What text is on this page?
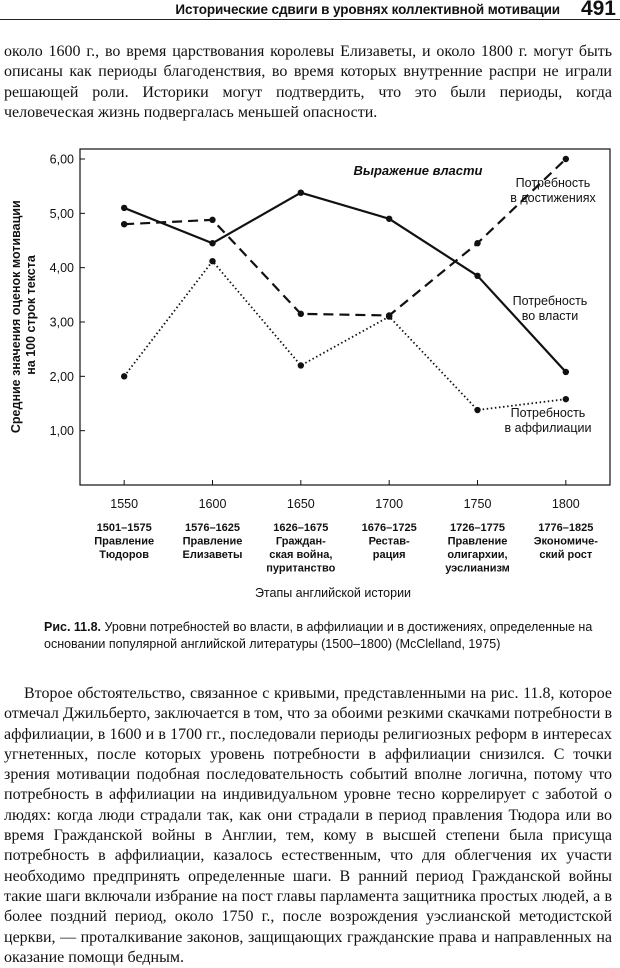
Исторические сдвиги в уровнях коллективной мотивации 491

около 1600 г., во время царствования королевы Елизаветы, и около 1800 г. могут быть описаны как периоды благоденствия, во время которых внутренние распри не играли решающей роли. Историки могут подтвердить, что это были периоды, когда человеческая жизнь подвергалась меньшей опасности.

1,00
2,00
3,00
4,00
5,00
6,00
1550
1501–1575 Правление Тюдоров
1600
1576–1625 Правление Елизаветы
1650
1626–1675 Граждан-ская война, пуританство
1700
1676–1725 Рестав-рация
1750
1726–1775 Правление олигархии, уэслианизм
1800
1776–1825 Экономиче-ский рост
Потребность во власти
Потребность в достижениях
Потребность в аффилиации
Средние значения оценок мотивации на 100 строк текста
Выражение власти
Этапы английской истории

Рис. 11.8. Уровни потребностей во власти, в аффилиации и в достижениях, определенные на основании популярной английской литературы (1500–1800) (McClelland, 1975)

Второе обстоятельство, связанное с кривыми, представленными на рис. 11.8, которое отмечал Джильберто, заключается в том, что за обоими резкими скачками потребности в аффилиации, в 1600 и в 1700 гг., последовали периоды религиозных реформ в интересах угнетенных, после которых уровень потребности в аффилиации снизился. С точки зрения мотивации подобная последовательность событий вполне логична, потому что потребность в аффилиации на индивидуальном уровне тесно коррелирует с заботой о людях: когда люди страдали так, как они страдали в период правления Тюдора или во время Гражданской войны в Англии, тем, кому в высшей степени была присуща потребность в аффилиации, казалось естественным, что для облегчения их участи необходимо предпринять определенные шаги. В ранний период Гражданской войны такие шаги включали избрание на пост главы парламента защитника простых людей, а в более поздний период, около 1750 г., после возрождения уэслианской методистской церкви, — проталкивание законов, защищающих гражданские права и направленных на оказание помощи бедным.
